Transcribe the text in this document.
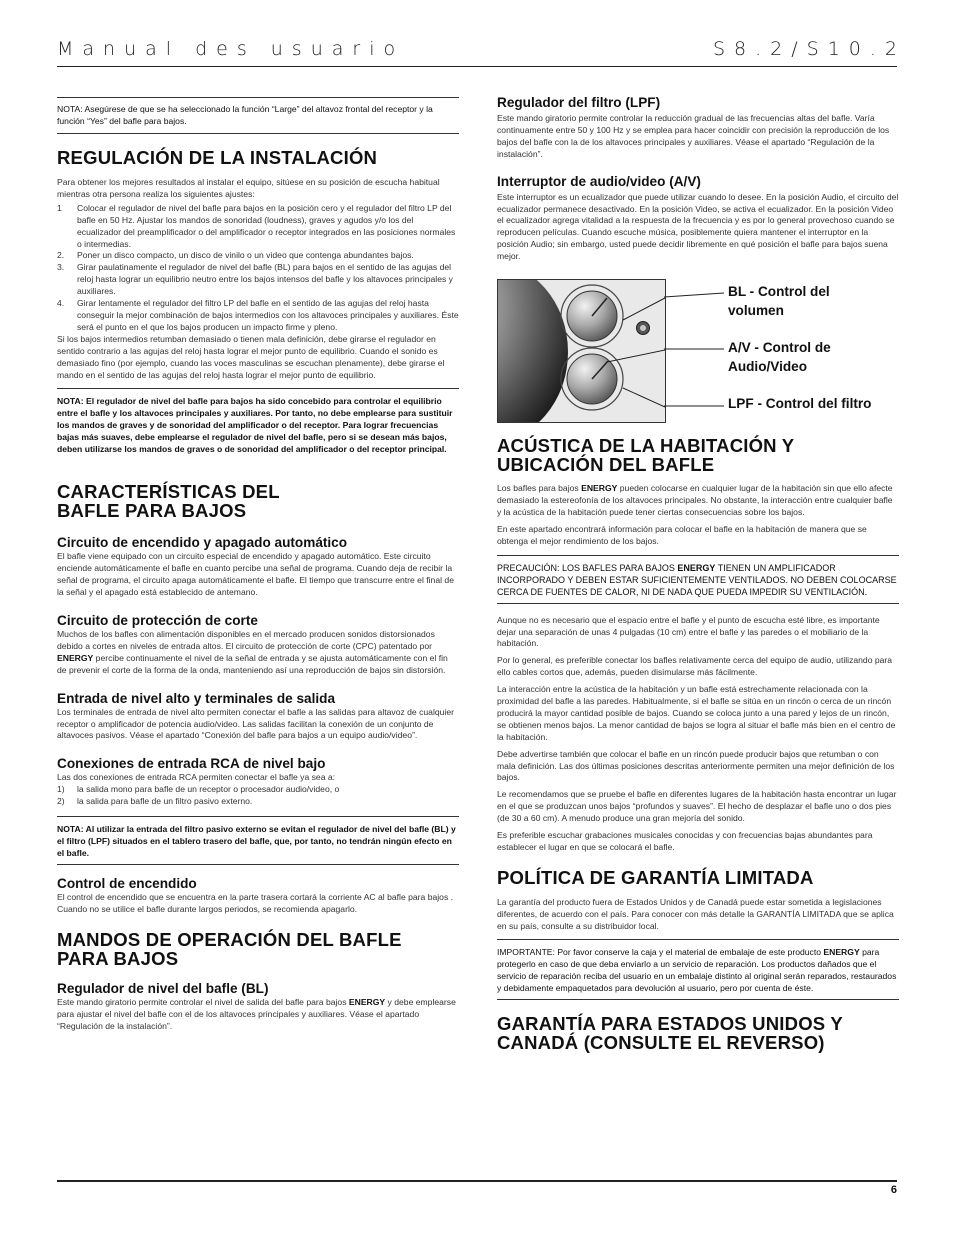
Manual des usuario	S8.2/S10.2
NOTA: Asegúrese de que se ha seleccionado la función “Large” del altavoz frontal del receptor y la función “Yes” del bafle para bajos.
REGULACIÓN DE LA INSTALACIÓN

Para obtener los mejores resultados al instalar el equipo, sitúese en su posición de escucha habitual mientras otra persona realiza los siguientes ajustes:

1	Colocar el regulador de nivel del bafle para bajos en la posición cero y el regulador del filtro LP del bafle en 50 Hz. Ajustar los mandos de sonoridad (loudness), graves y agudos y/o los del ecualizador del preamplificador o del amplificador o receptor integrados en las posiciones normales o intermedias.
2.	Poner un disco compacto, un disco de vinilo o un video que contenga abundantes bajos.
3.	Girar paulatinamente el regulador de nivel del bafle (BL) para bajos en el sentido de las agujas del reloj hasta lograr un equilibrio neutro entre los bajos intensos del bafle y los altavoces principales y auxiliares.
4.	Girar lentamente el regulador del filtro LP del bafle en el sentido de las agujas del reloj hasta conseguir la mejor combinación de bajos intermedios con los altavoces principales y auxiliares. Éste será el punto en el que los bajos producen un impacto firme y pleno.

Si los bajos intermedios retumban demasiado o tienen mala definición, debe girarse el regulador en sentido contrario a las agujas del reloj hasta lograr el mejor punto de equilibrio. Cuando el sonido es demasiado fino (por ejemplo, cuando las voces masculinas se escuchan plenamente), debe girarse el mando en el sentido de las agujas del reloj hasta lograr el mejor punto de equilibrio.

NOTA: El regulador de nivel del bafle para bajos ha sido concebido para controlar el equilibrio entre el bafle y los altavoces principales y auxiliares. Por tanto, no debe emplearse para sustituir los mandos de graves y de sonoridad del amplificador o del receptor. Para lograr frecuencias bajas más suaves, debe emplearse el regulador de nivel del bafle, pero si se desean más bajos, deben utilizarse los mandos de graves o de sonoridad del amplificador o del receptor principal.
CARACTERÍSTICAS DEL
BAFLE PARA BAJOS
Circuito de encendido y apagado automático

El bafle viene equipado con un circuito especial de encendido y apagado automático. Este circuito enciende automáticamente el bafle en cuanto percibe una señal de programa. Cuando deja de recibir la señal de programa, el circuito apaga automáticamente el bafle. El tiempo que transcurre entre el final de la señal y el apagado está establecido de antemano.

Circuito de protección de corte

Muchos de los bafles con alimentación disponibles en el mercado producen sonidos distorsionados debido a cortes en niveles de entrada altos. El circuito de protección de corte (CPC) patentado por ENERGY percibe continuamente el nivel de la señal de entrada y se ajusta automáticamente con el fin de prevenir el corte de la forma de la onda, manteniendo así una reproducción de bajos sin distorsión.

Entrada de nivel alto y terminales de salida

Los terminales de entrada de nivel alto permiten conectar el bafle a las salidas para altavoz de cualquier receptor o amplificador de potencia audio/video. Las salidas facilitan la conexión de un conjunto de altavoces pasivos. Véase el apartado “Conexión del bafle para bajos a un equipo audio/video”.

Conexiones de entrada RCA de nivel bajo

Las dos conexiones de entrada RCA permiten conectar el bafle ya sea a:

1)	la salida mono para bafle de un receptor o procesador audio/video, o
2)	la salida para bafle de un filtro pasivo externo.
NOTA: Al utilizar la entrada del filtro pasivo externo se evitan el regulador de nivel del bafle (BL) y el filtro (LPF) situados en el tablero trasero del bafle, que, por tanto, no tendrán ningún efecto en el bafle.
Control de encendido

El control de encendido que se encuentra en la parte trasera cortará la corriente AC al bafle para bajos . Cuando no se utilice el bafle durante largos periodos, se recomienda apagarlo.

MANDOS DE OPERACIÓN DEL BAFLE
PARA BAJOS
Regulador de nivel del bafle (BL)

Este mando giratorio permite controlar el nivel de salida del bafle para bajos ENERGY y debe emplearse para ajustar el nivel del bafle con el de los altavoces principales y auxiliares. Véase el apartado “Regulación de la instalación”.

Regulador del filtro (LPF)

Este mando giratorio permite controlar la reducción gradual de las frecuencias altas del bafle. Varía continuamente entre 50 y 100 Hz y se emplea para hacer coincidir con precisión la reproducción de los bajos del bafle con la de los altavoces principales y auxiliares. Véase el apartado “Regulación de la instalación”.

Interruptor de audio/video (A/V)

Este interruptor es un ecualizador que puede utilizar cuando lo desee. En la posición Audio, el circuito del ecualizador permanece desactivado. En la posición Video, se activa el ecualizador. En la posición Video el ecualizador agrega vitalidad a la respuesta de la frecuencia y es por lo general provechoso cuando se reproducen películas. Cuando escuche música, posiblemente quiera mantener el interruptor en la posición Audio; sin embargo, usted puede decidir libremente en qué posición el bafle para bajos suena mejor.

BL - Control del
volumen
A/V - Control de
Audio/Video
LPF - Control del filtro
ACÚSTICA DE LA HABITACIÓN Y
UBICACIÓN DEL BAFLE

Los bafles para bajos ENERGY pueden colocarse en cualquier lugar de la habitación sin que ello afecte demasiado la estereofonía de los altavoces principales. No obstante, la interacción entre cualquier bafle y la acústica de la habitación puede tener ciertas consecuencias sobre los bajos.

En este apartado encontrará información para colocar el bafle en la habitación de manera que se obtenga el mejor rendimiento de los bajos.

PRECAUCIÓN: LOS BAFLES PARA BAJOS ENERGY TIENEN UN AMPLIFICADOR INCORPORADO Y DEBEN ESTAR SUFICIENTEMENTE VENTILADOS. NO DEBEN COLOCARSE CERCA DE FUENTES DE CALOR, NI DE NADA QUE PUEDA IMPEDIR SU VENTILACIÓN.

Aunque no es necesario que el espacio entre el bafle y el punto de escucha esté libre, es importante dejar una separación de unas 4 pulgadas (10 cm) entre el bafle y las paredes o el mobiliario de la habitación.

Por lo general, es preferible conectar los bafles relativamente cerca del equipo de audio, utilizando para ello cables cortos que, además, pueden disimularse más fácilmente.

La interacción entre la acústica de la habitación y un bafle está estrechamente relacionada con la proximidad del bafle a las paredes. Habitualmente, si el bafle se sitúa en un rincón o cerca de un rincón producirá la mayor cantidad posible de bajos. Cuando se coloca junto a una pared y lejos de un rincón, se obtienen menos bajos. La menor cantidad de bajos se logra al situar el bafle más bien en el centro de la habitación.

Debe advertirse también que colocar el bafle en un rincón puede producir bajos que retumban o con mala definición. Las dos últimas posiciones descritas anteriormente permiten una mejor definición de los bajos.

Le recomendamos que se pruebe el bafle en diferentes lugares de la habitación hasta encontrar un lugar en el que se produzcan unos bajos “profundos y suaves”. El hecho de desplazar el bafle uno o dos pies (de 30 a 60 cm). A menudo produce una gran mejoría del sonido.

Es preferible escuchar grabaciones musicales conocidas y con frecuencias bajas abundantes para establecer el lugar en que se colocará el bafle.

POLÍTICA DE GARANTÍA LIMITADA

La garantía del producto fuera de Estados Unidos y de Canadá puede estar sometida a legislaciones diferentes, de acuerdo con el país. Para conocer con más detalle la GARANTÍA LIMITADA que se aplica en su país, consulte a su distribuidor local.

IMPORTANTE: Por favor conserve la caja y el material de embalaje de este producto ENERGY para protegerlo en caso de que deba enviarlo a un servicio de reparación. Los productos dañados que el servicio de reparación reciba del usuario en un embalaje distinto al original serán reparados, restaurados y debidamente empaquetados para devolución al usuario, pero por cuenta de éste.
GARANTÍA PARA ESTADOS UNIDOS Y
CANADÁ (CONSULTE EL REVERSO)
6
